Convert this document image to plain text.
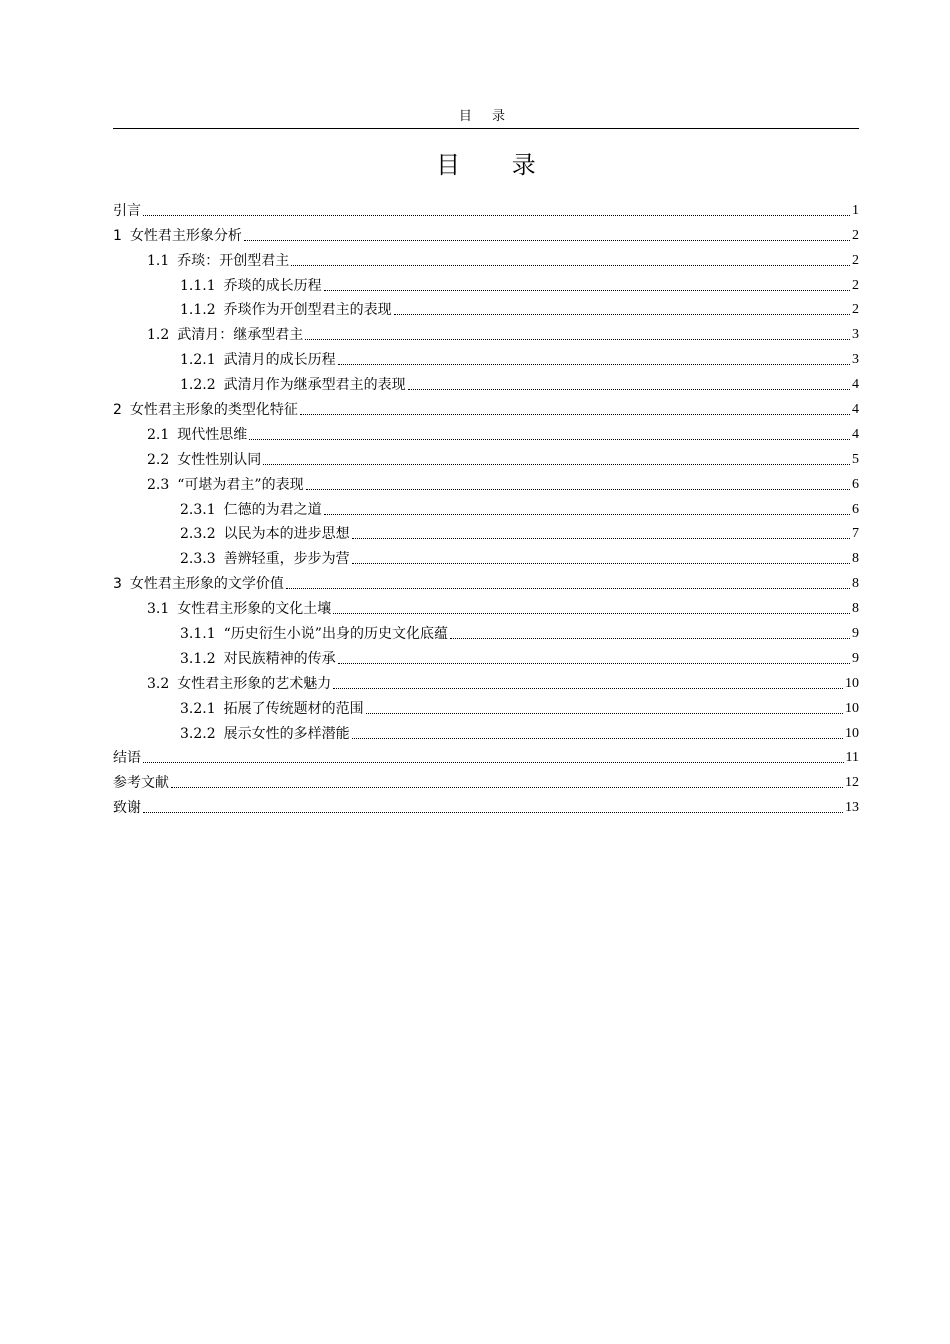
目 录
目 录
引言	1
1 女性君主形象分析	2
1.1 乔琰：开创型君主	2
1.1.1 乔琰的成长历程	2
1.1.2 乔琰作为开创型君主的表现	2
1.2 武清月：继承型君主	3
1.2.1 武清月的成长历程	3
1.2.2 武清月作为继承型君主的表现	4
2 女性君主形象的类型化特征	4
2.1 现代性思维	4
2.2 女性性别认同	5
2.3 “可堪为君主”的表现	6
2.3.1 仁德的为君之道	6
2.3.2 以民为本的进步思想	7
2.3.3 善辨轻重，步步为营	8
3 女性君主形象的文学价值	8
3.1 女性君主形象的文化土壤	8
3.1.1 “历史衍生小说”出身的历史文化底蕴	9
3.1.2 对民族精神的传承	9
3.2 女性君主形象的艺术魅力	10
3.2.1 拓展了传统题材的范围	10
3.2.2 展示女性的多样潜能	10
结语	11
参考文献	12
致谢	13
